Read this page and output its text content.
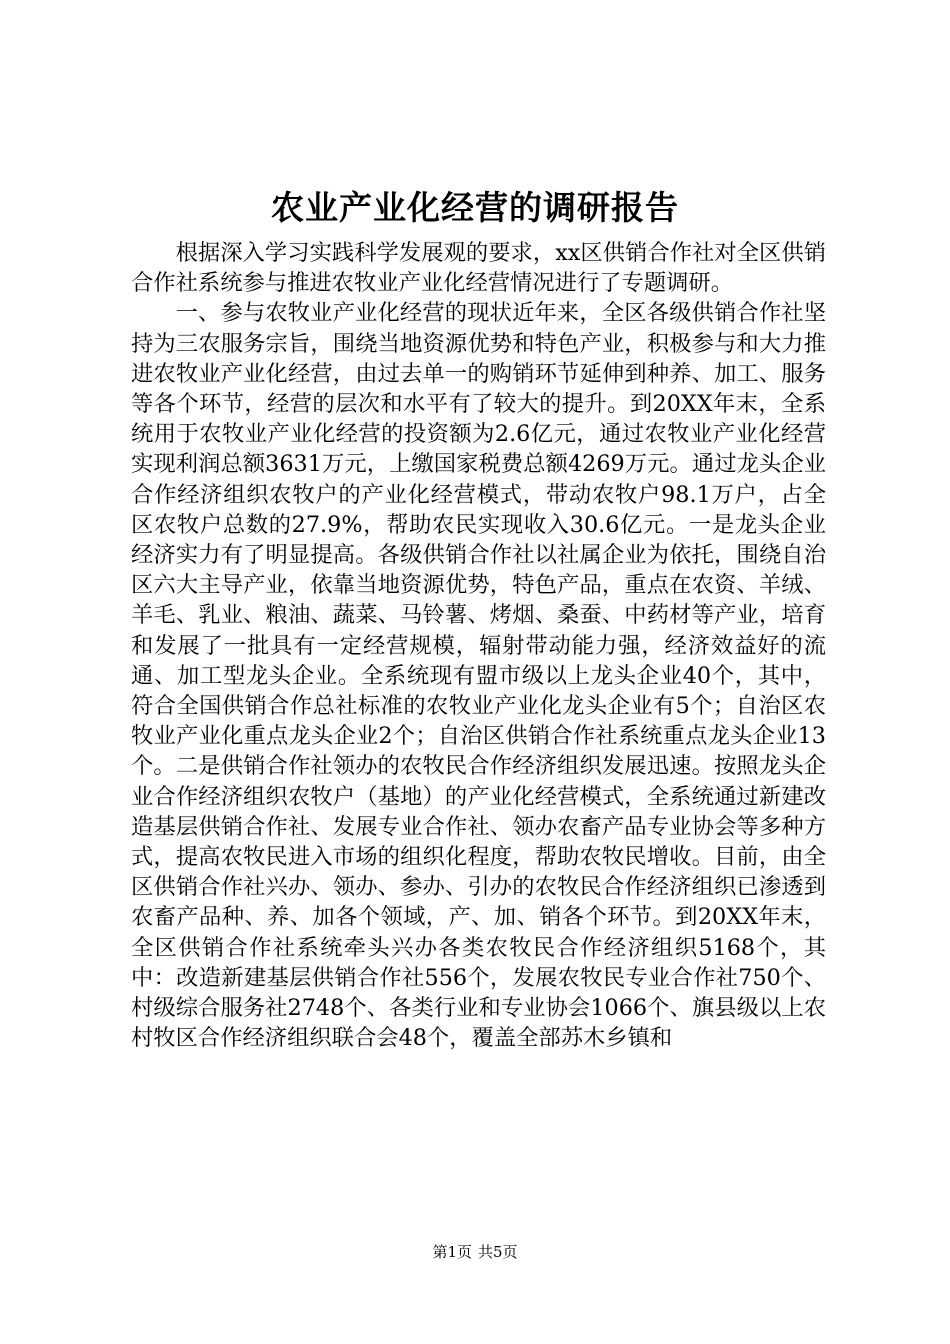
农业产业化经营的调研报告

根据深入学习实践科学发展观的要求，xx区供销合作社对全区供销合作社系统参与推进农牧业产业化经营情况进行了专题调研。

一、参与农牧业产业化经营的现状近年来，全区各级供销合作社坚持为三农服务宗旨，围绕当地资源优势和特色产业，积极参与和大力推进农牧业产业化经营，由过去单一的购销环节延伸到种养、加工、服务等各个环节，经营的层次和水平有了较大的提升。到20XX年末，全系统用于农牧业产业化经营的投资额为2.6亿元，通过农牧业产业化经营实现利润总额3631万元，上缴国家税费总额4269万元。通过龙头企业合作经济组织农牧户的产业化经营模式，带动农牧户98.1万户，占全区农牧户总数的27.9%，帮助农民实现收入30.6亿元。一是龙头企业经济实力有了明显提高。各级供销合作社以社属企业为依托，围绕自治区六大主导产业，依靠当地资源优势，特色产品，重点在农资、羊绒、羊毛、乳业、粮油、蔬菜、马铃薯、烤烟、桑蚕、中药材等产业，培育和发展了一批具有一定经营规模，辐射带动能力强，经济效益好的流通、加工型龙头企业。全系统现有盟市级以上龙头企业40个，其中，符合全国供销合作总社标准的农牧业产业化龙头企业有5个；自治区农牧业产业化重点龙头企业2个；自治区供销合作社系统重点龙头企业13个。二是供销合作社领办的农牧民合作经济组织发展迅速。按照龙头企业合作经济组织农牧户（基地）的产业化经营模式，全系统通过新建改造基层供销合作社、发展专业合作社、领办农畜产品专业协会等多种方式，提高农牧民进入市场的组织化程度，帮助农牧民增收。目前，由全区供销合作社兴办、领办、参办、引办的农牧民合作经济组织已渗透到农畜产品种、养、加各个领域，产、加、销各个环节。到20XX年末，全区供销合作社系统牵头兴办各类农牧民合作经济组织5168个，其中：改造新建基层供销合作社556个，发展农牧民专业合作社750个、村级综合服务社2748个、各类行业和专业协会1066个、旗县级以上农村牧区合作经济组织联合会48个，覆盖全部苏木乡镇和

第1页 共5页
